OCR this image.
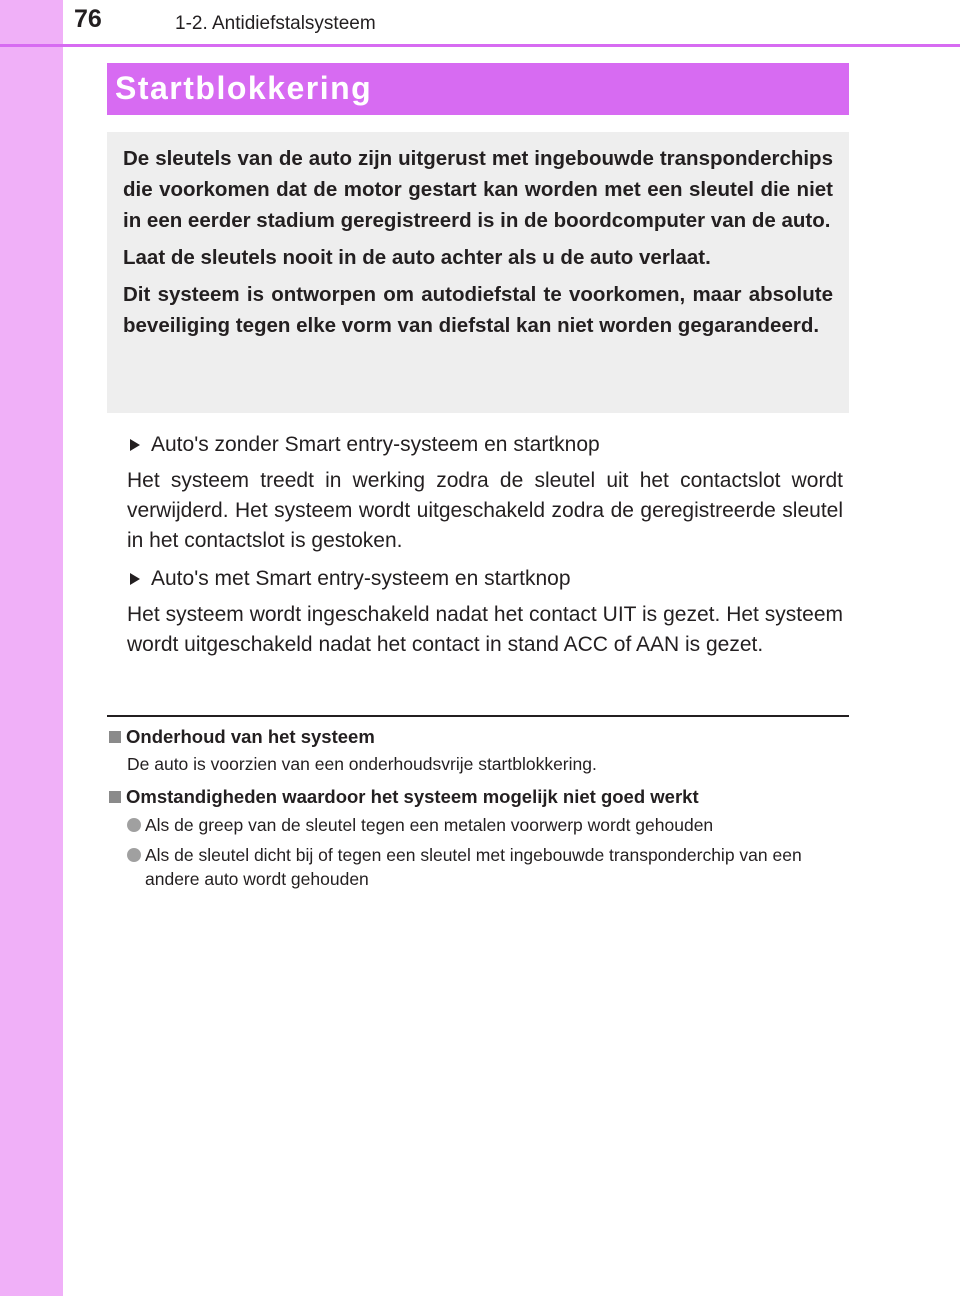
76	1-2. Antidiefstalsysteem
Startblokkering

De sleutels van de auto zijn uitgerust met ingebouwde transponderchips die voorkomen dat de motor gestart kan worden met een sleutel die niet in een eerder stadium geregistreerd is in de boordcomputer van de auto.

Laat de sleutels nooit in de auto achter als u de auto verlaat.

Dit systeem is ontworpen om autodiefstal te voorkomen, maar absolute beveiliging tegen elke vorm van diefstal kan niet worden gegarandeerd.

Auto's zonder Smart entry-systeem en startknop

Het systeem treedt in werking zodra de sleutel uit het contactslot wordt verwijderd. Het systeem wordt uitgeschakeld zodra de geregistreerde sleutel in het contactslot is gestoken.

Auto's met Smart entry-systeem en startknop

Het systeem wordt ingeschakeld nadat het contact UIT is gezet. Het systeem wordt uitgeschakeld nadat het contact in stand ACC of AAN is gezet.

Onderhoud van het systeem
De auto is voorzien van een onderhoudsvrije startblokkering.
Omstandigheden waardoor het systeem mogelijk niet goed werkt
Als de greep van de sleutel tegen een metalen voorwerp wordt gehouden
Als de sleutel dicht bij of tegen een sleutel met ingebouwde transponderchip van een andere auto wordt gehouden
